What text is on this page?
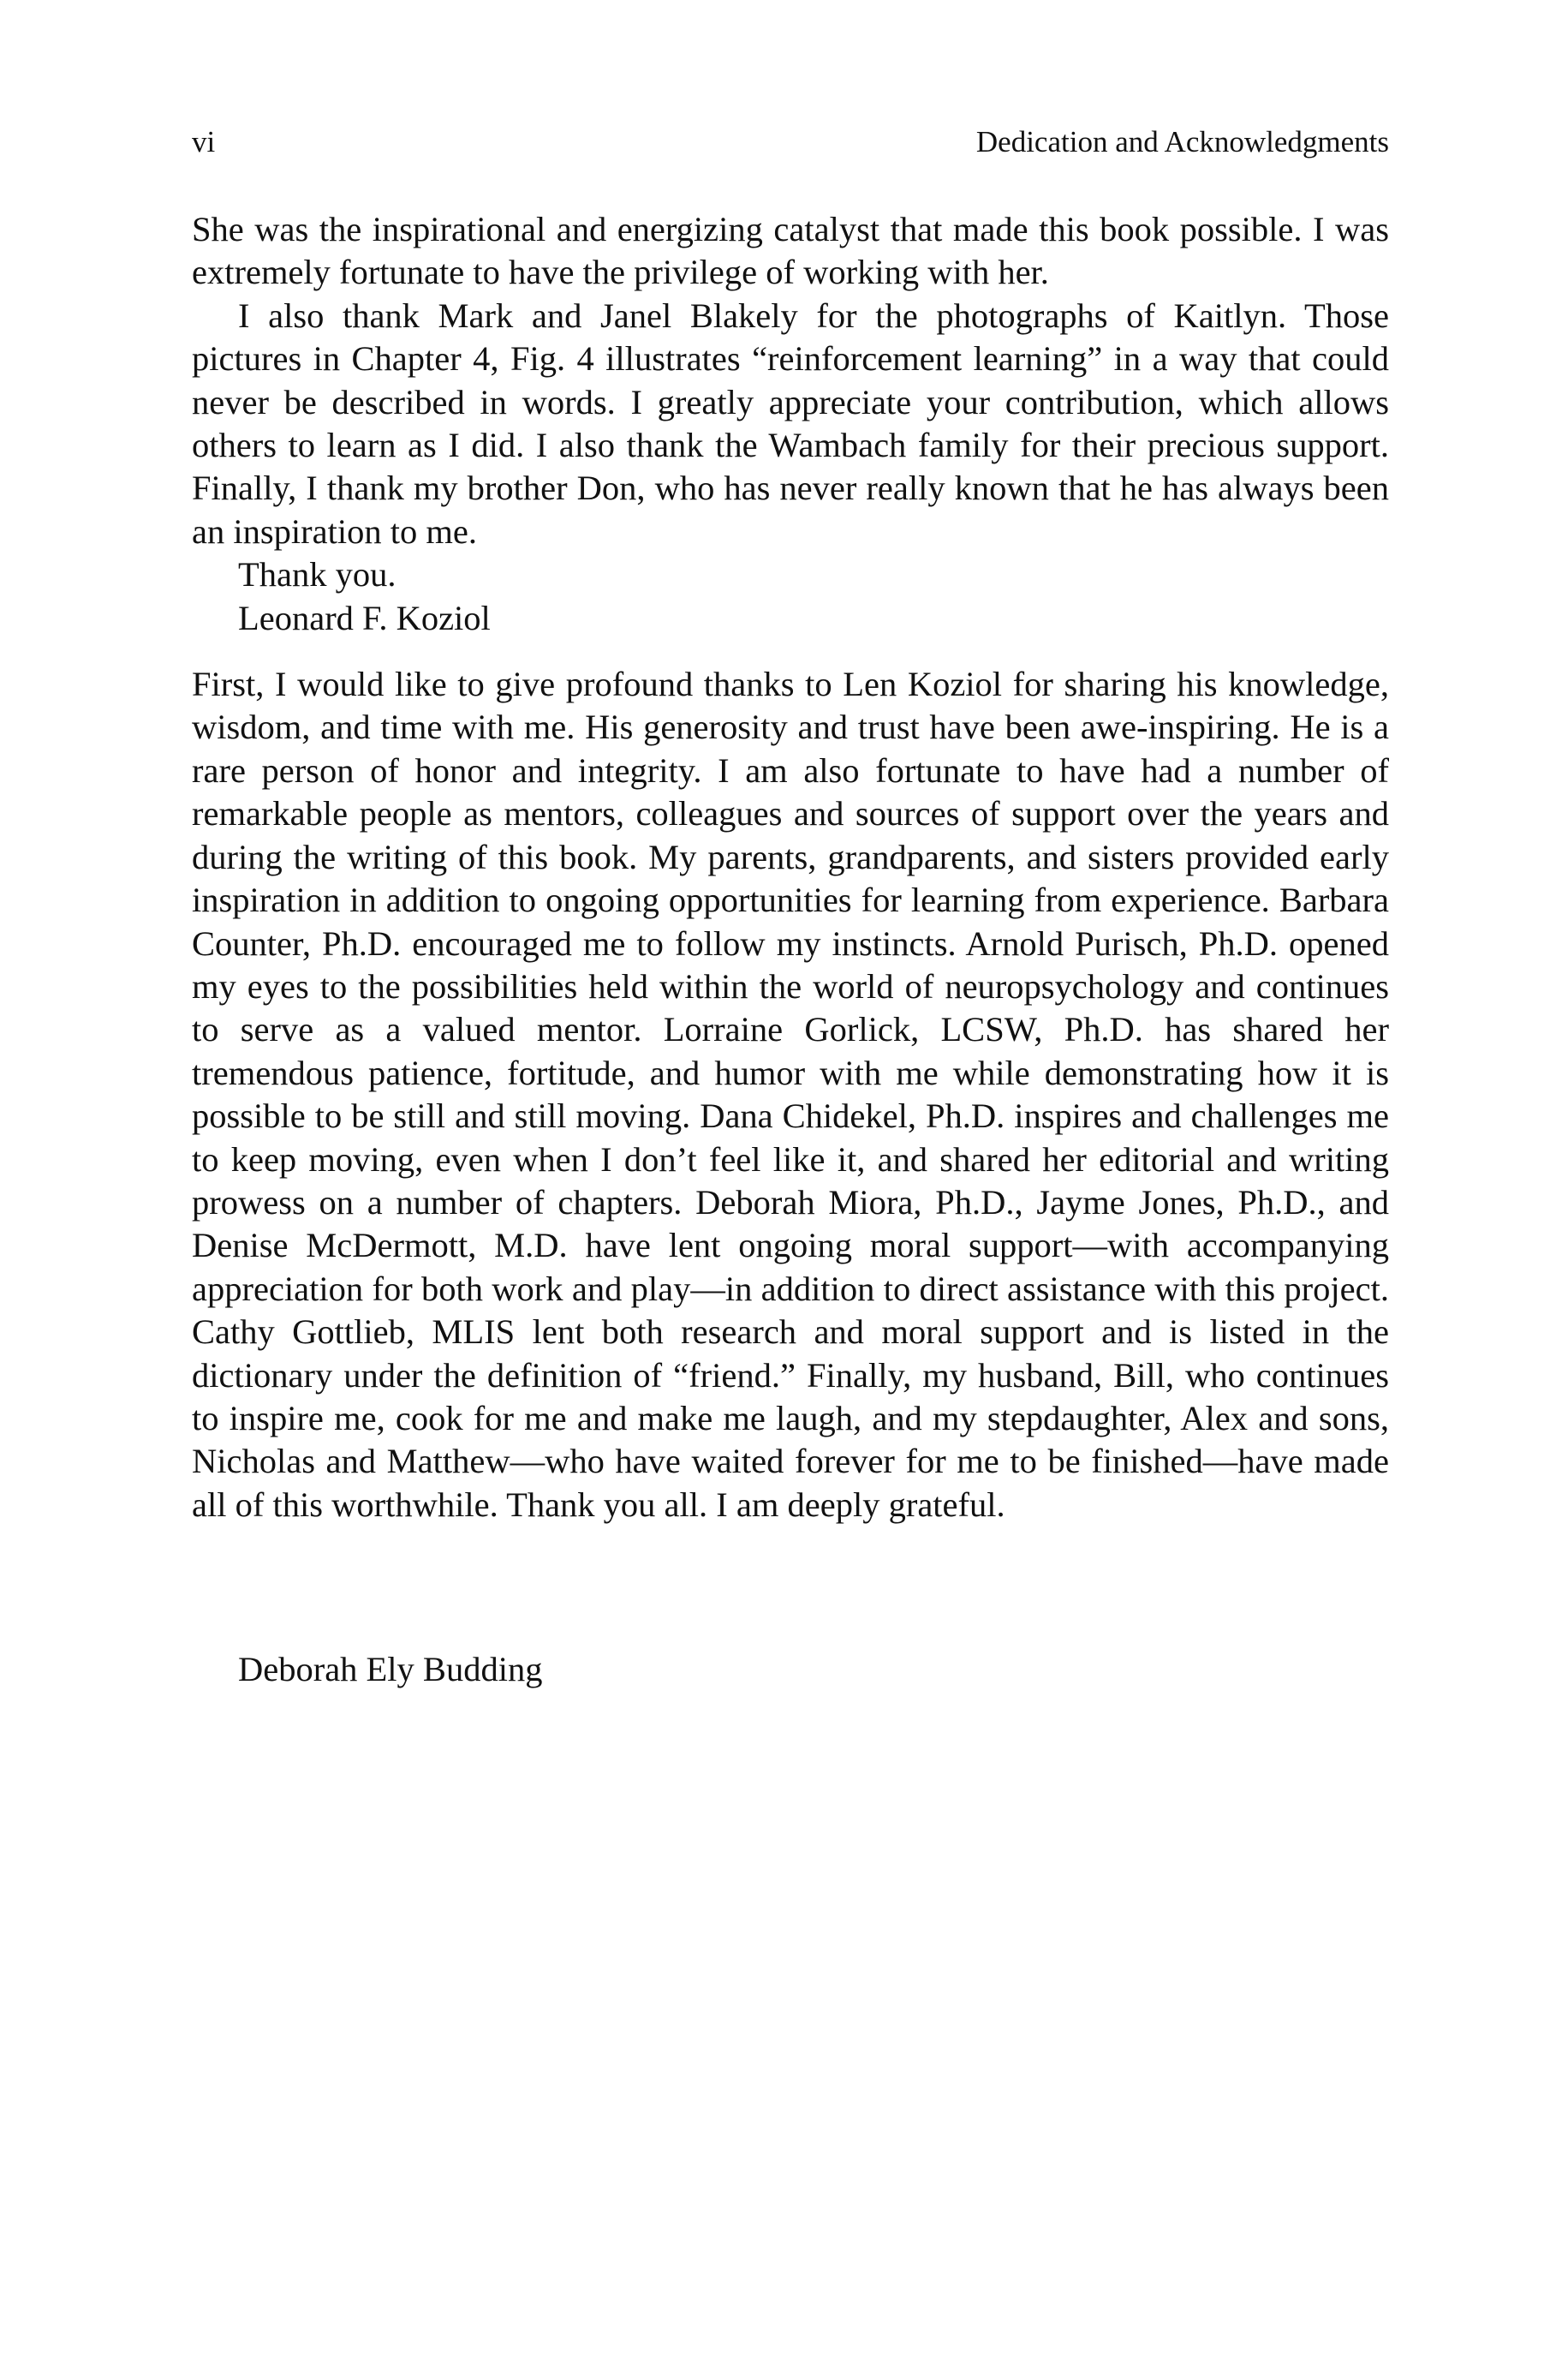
vi	Dedication and Acknowledgments

She was the inspirational and energizing catalyst that made this book possible. I was extremely fortunate to have the privilege of working with her.

I also thank Mark and Janel Blakely for the photographs of Kaitlyn. Those pictures in Chapter 4, Fig. 4 illustrates “reinforcement learning” in a way that could never be described in words. I greatly appreciate your contribution, which allows others to learn as I did. I also thank the Wambach family for their precious support. Finally, I thank my brother Don, who has never really known that he has always been an inspiration to me.

Thank you.

Leonard F. Koziol

First, I would like to give profound thanks to Len Koziol for sharing his knowledge, wisdom, and time with me. His generosity and trust have been awe-inspiring. He is a rare person of honor and integrity. I am also fortunate to have had a number of remarkable people as mentors, colleagues and sources of support over the years and during the writing of this book. My parents, grandparents, and sisters provided early inspiration in addition to ongoing opportunities for learning from experience. Barbara Counter, Ph.D. encouraged me to follow my instincts. Arnold Purisch, Ph.D. opened my eyes to the possibilities held within the world of neuropsychology and continues to serve as a valued mentor. Lorraine Gorlick, LCSW, Ph.D. has shared her tremendous patience, fortitude, and humor with me while demonstrating how it is possible to be still and still moving. Dana Chidekel, Ph.D. inspires and challenges me to keep moving, even when I don’t feel like it, and shared her editorial and writing prowess on a number of chapters. Deborah Miora, Ph.D., Jayme Jones, Ph.D., and Denise McDermott, M.D. have lent ongoing moral support—with accompanying appreciation for both work and play—in addition to direct assistance with this project. Cathy Gottlieb, MLIS lent both research and moral support and is listed in the dictionary under the definition of “friend.” Finally, my husband, Bill, who continues to inspire me, cook for me and make me laugh, and my stepdaughter, Alex and sons, Nicholas and Matthew—who have waited forever for me to be finished—have made all of this worthwhile. Thank you all. I am deeply grateful.

Deborah Ely Budding
